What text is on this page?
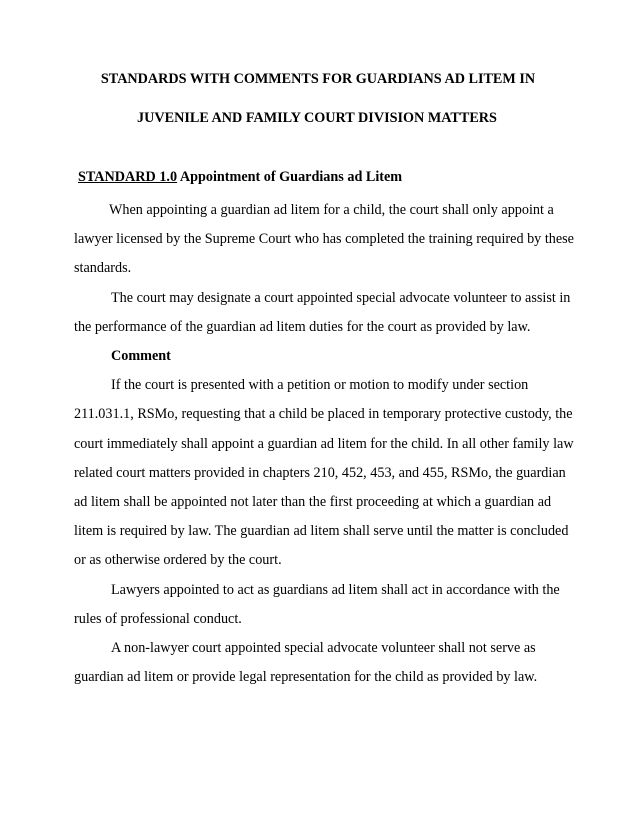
STANDARDS WITH COMMENTS FOR GUARDIANS AD LITEM IN
JUVENILE AND FAMILY COURT DIVISION MATTERS
STANDARD 1.0 Appointment of Guardians ad Litem

When appointing a guardian ad litem for a child, the court shall only appoint a lawyer licensed by the Supreme Court who has completed the training required by these standards.

The court may designate a court appointed special advocate volunteer to assist in the performance of the guardian ad litem duties for the court as provided by law.

Comment

If the court is presented with a petition or motion to modify under section 211.031.1, RSMo, requesting that a child be placed in temporary protective custody, the court immediately shall appoint a guardian ad litem for the child. In all other family law related court matters provided in chapters 210, 452, 453, and 455, RSMo, the guardian ad litem shall be appointed not later than the first proceeding at which a guardian ad litem is required by law. The guardian ad litem shall serve until the matter is concluded or as otherwise ordered by the court.

Lawyers appointed to act as guardians ad litem shall act in accordance with the rules of professional conduct.

A non-lawyer court appointed special advocate volunteer shall not serve as guardian ad litem or provide legal representation for the child as provided by law.
